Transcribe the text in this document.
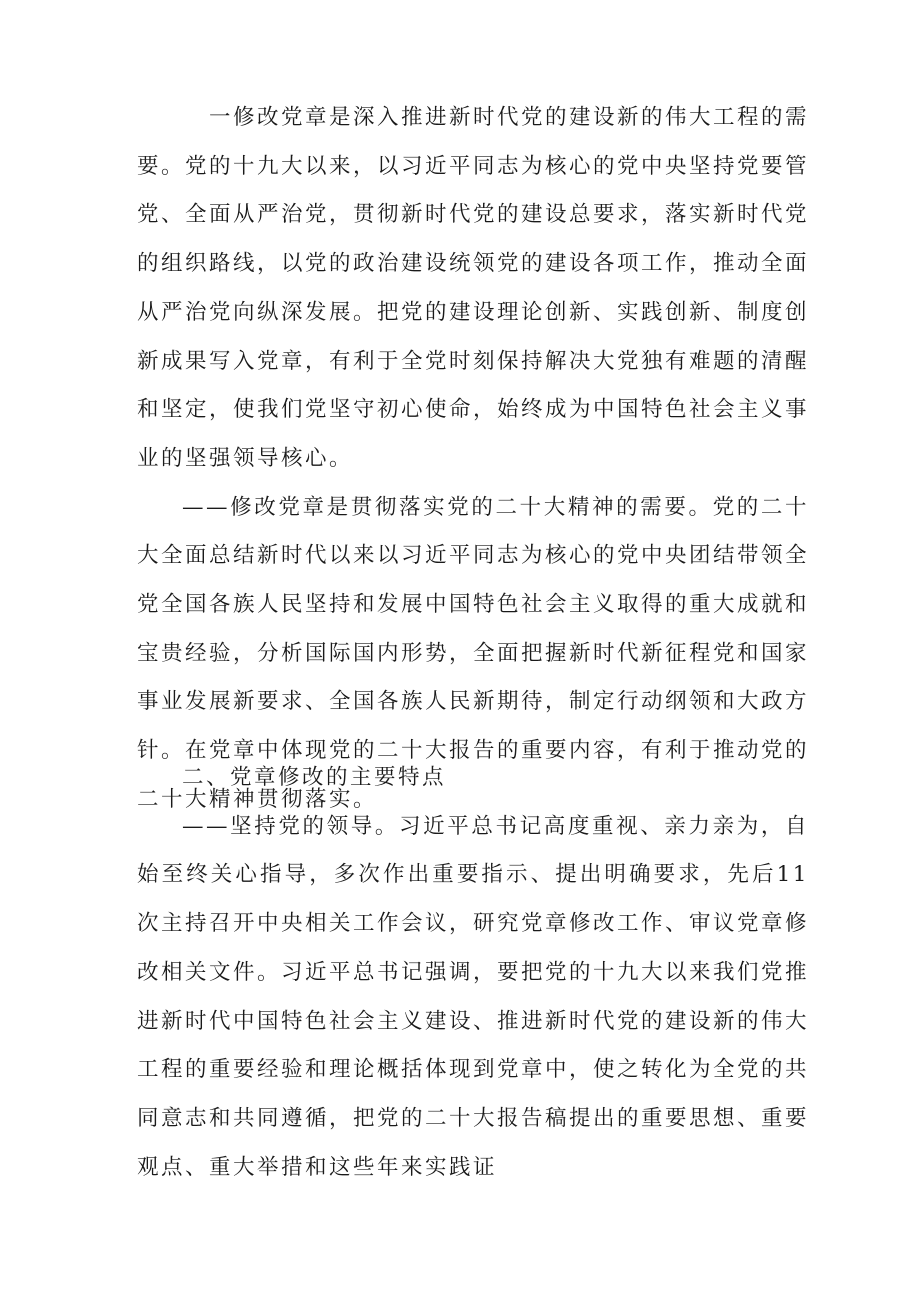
一修改党章是深入推进新时代党的建设新的伟大工程的需要。党的十九大以来，以习近平同志为核心的党中央坚持党要管党、全面从严治党，贯彻新时代党的建设总要求，落实新时代党的组织路线，以党的政治建设统领党的建设各项工作，推动全面从严治党向纵深发展。把党的建设理论创新、实践创新、制度创新成果写入党章，有利于全党时刻保持解决大党独有难题的清醒和坚定，使我们党坚守初心使命，始终成为中国特色社会主义事业的坚强领导核心。

——修改党章是贯彻落实党的二十大精神的需要。党的二十大全面总结新时代以来以习近平同志为核心的党中央团结带领全党全国各族人民坚持和发展中国特色社会主义取得的重大成就和宝贵经验，分析国际国内形势，全面把握新时代新征程党和国家事业发展新要求、全国各族人民新期待，制定行动纲领和大政方针。在党章中体现党的二十大报告的重要内容，有利于推动党的二十大精神贯彻落实。

二、党章修改的主要特点

——坚持党的领导。习近平总书记高度重视、亲力亲为，自始至终关心指导，多次作出重要指示、提出明确要求，先后11次主持召开中央相关工作会议，研究党章修改工作、审议党章修改相关文件。习近平总书记强调，要把党的十九大以来我们党推进新时代中国特色社会主义建设、推进新时代党的建设新的伟大工程的重要经验和理论概括体现到党章中，使之转化为全党的共同意志和共同遵循，把党的二十大报告稿提出的重要思想、重要观点、重大举措和这些年来实践证
